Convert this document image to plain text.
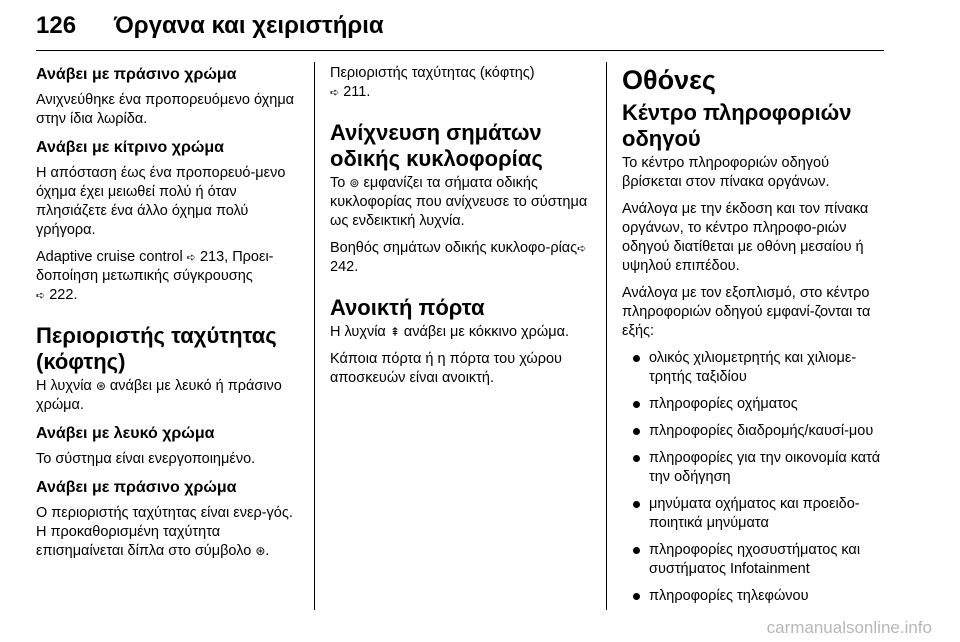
126 Όργανα και χειριστήρια
Ανάβει με πράσινο χρώμα
Ανιχνεύθηκε ένα προπορευόμενο όχημα στην ίδια λωρίδα.
Ανάβει με κίτρινο χρώμα
Η απόσταση έως ένα προπορευό-μενο όχημα έχει μειωθεί πολύ ή όταν πλησιάζετε ένα άλλο όχημα πολύ γρήγορα.
Adaptive cruise control ➪ 213, Προει-δοποίηση μετωπικής σύγκρουσης
➪ 222.
Περιοριστής ταχύτητας (κόφτης)
Η λυχνία ⊛ ανάβει με λευκό ή πράσινο χρώμα.
Ανάβει με λευκό χρώμα
Το σύστημα είναι ενεργοποιημένο.
Ανάβει με πράσινο χρώμα
Ο περιοριστής ταχύτητας είναι ενερ-γός. Η προκαθορισμένη ταχύτητα επισημαίνεται δίπλα στο σύμβολο ⊛.
Περιοριστής ταχύτητας (κόφτης)
➪ 211.
Ανίχνευση σημάτων οδικής κυκλοφορίας
Το ⊚ εμφανίζει τα σήματα οδικής κυκλοφορίας που ανίχνευσε το σύστημα ως ενδεικτική λυχνία.
Βοηθός σημάτων οδικής κυκλοφο-ρίας➪ 242.
Ανοικτή πόρτα
Η λυχνία ⇞ ανάβει με κόκκινο χρώμα.
Κάποια πόρτα ή η πόρτα του χώρου αποσκευών είναι ανοικτή.
Οθόνες
Κέντρο πληροφοριών οδηγού
Το κέντρο πληροφοριών οδηγού βρίσκεται στον πίνακα οργάνων.
Ανάλογα με την έκδοση και τον πίνακα οργάνων, το κέντρο πληροφο-ριών οδηγού διατίθεται με οθόνη μεσαίου ή υψηλού επιπέδου.
Ανάλογα με τον εξοπλισμό, στο κέντρο πληροφοριών οδηγού εμφανί-ζονται τα εξής:
ολικός χιλιομετρητής και χιλιομε-τρητής ταξιδίου
πληροφορίες οχήματος
πληροφορίες διαδρομής/καυσί-μου
πληροφορίες για την οικονομία κατά την οδήγηση
μηνύματα οχήματος και προειδο-ποιητικά μηνύματα
πληροφορίες ηχοσυστήματος και συστήματος Infotainment
πληροφορίες τηλεφώνου
carmanualsonline.info
